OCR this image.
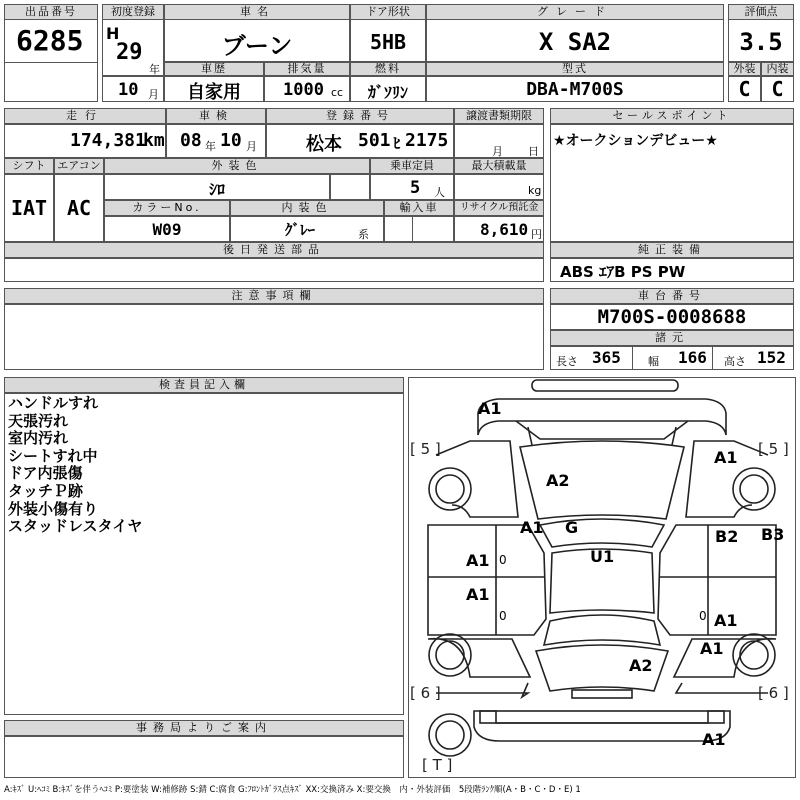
出品番号
6285
初度登録
H
29
年
車名
ブーン
ドア形状
5HB
グレード
X SA2
評価点
3.5
10 月
車歴
自家用
排気量
1000 cc
燃料
ｶﾞｿﾘﾝ
型式
DBA-M700S
外装	内装
C	C
走行
174,381
km
車検
08 年 10 月
登録番号
松本 501 ﾋ 2175
譲渡書類期限
月 日
シフト
IAT
エアコン
AC
外装色
ｼﾛ
乗車定員
5 人
最大積載量
kg
カラーNo.
W09
内装色
ｸﾞﾚｰ	系
輸入車	リサイクル預託金
8,610 円
後日発送部品
セールスポイント
★オークションデビュー★
純正装備
ABS ｴｱB PS PW
注意事項欄	車台番号
M700S-0008688
諸元
長さ 365 幅 166 高さ 152
検査員記入欄
ハンドルすれ
天張汚れ
室内汚れ
シートすれ中
ドア内張傷
タッチＰ跡
外装小傷有り
スタッドレスタイヤ
事務局よりご案内
A:ｷｽﾞ U:ﾍｺﾐ B:ｷｽﾞを伴うﾍｺﾐ P:要塗装 W:補修跡 S:錆 C:腐食 G:ﾌﾛﾝﾄｶﾞﾗｽ点ｷｽﾞ XX:交換済み X:要交換　内・外装評価　5段階ﾗﾝｸ順(A・B・C・D・E) 1
[ 5 ]	[ 5 ]
[ 6 ]	[ 6 ]
[ T ]
A1
A2
A1
A1 G
U1
A1 0
B2 B3
A1
0	0 A1
A1
A2
A1
